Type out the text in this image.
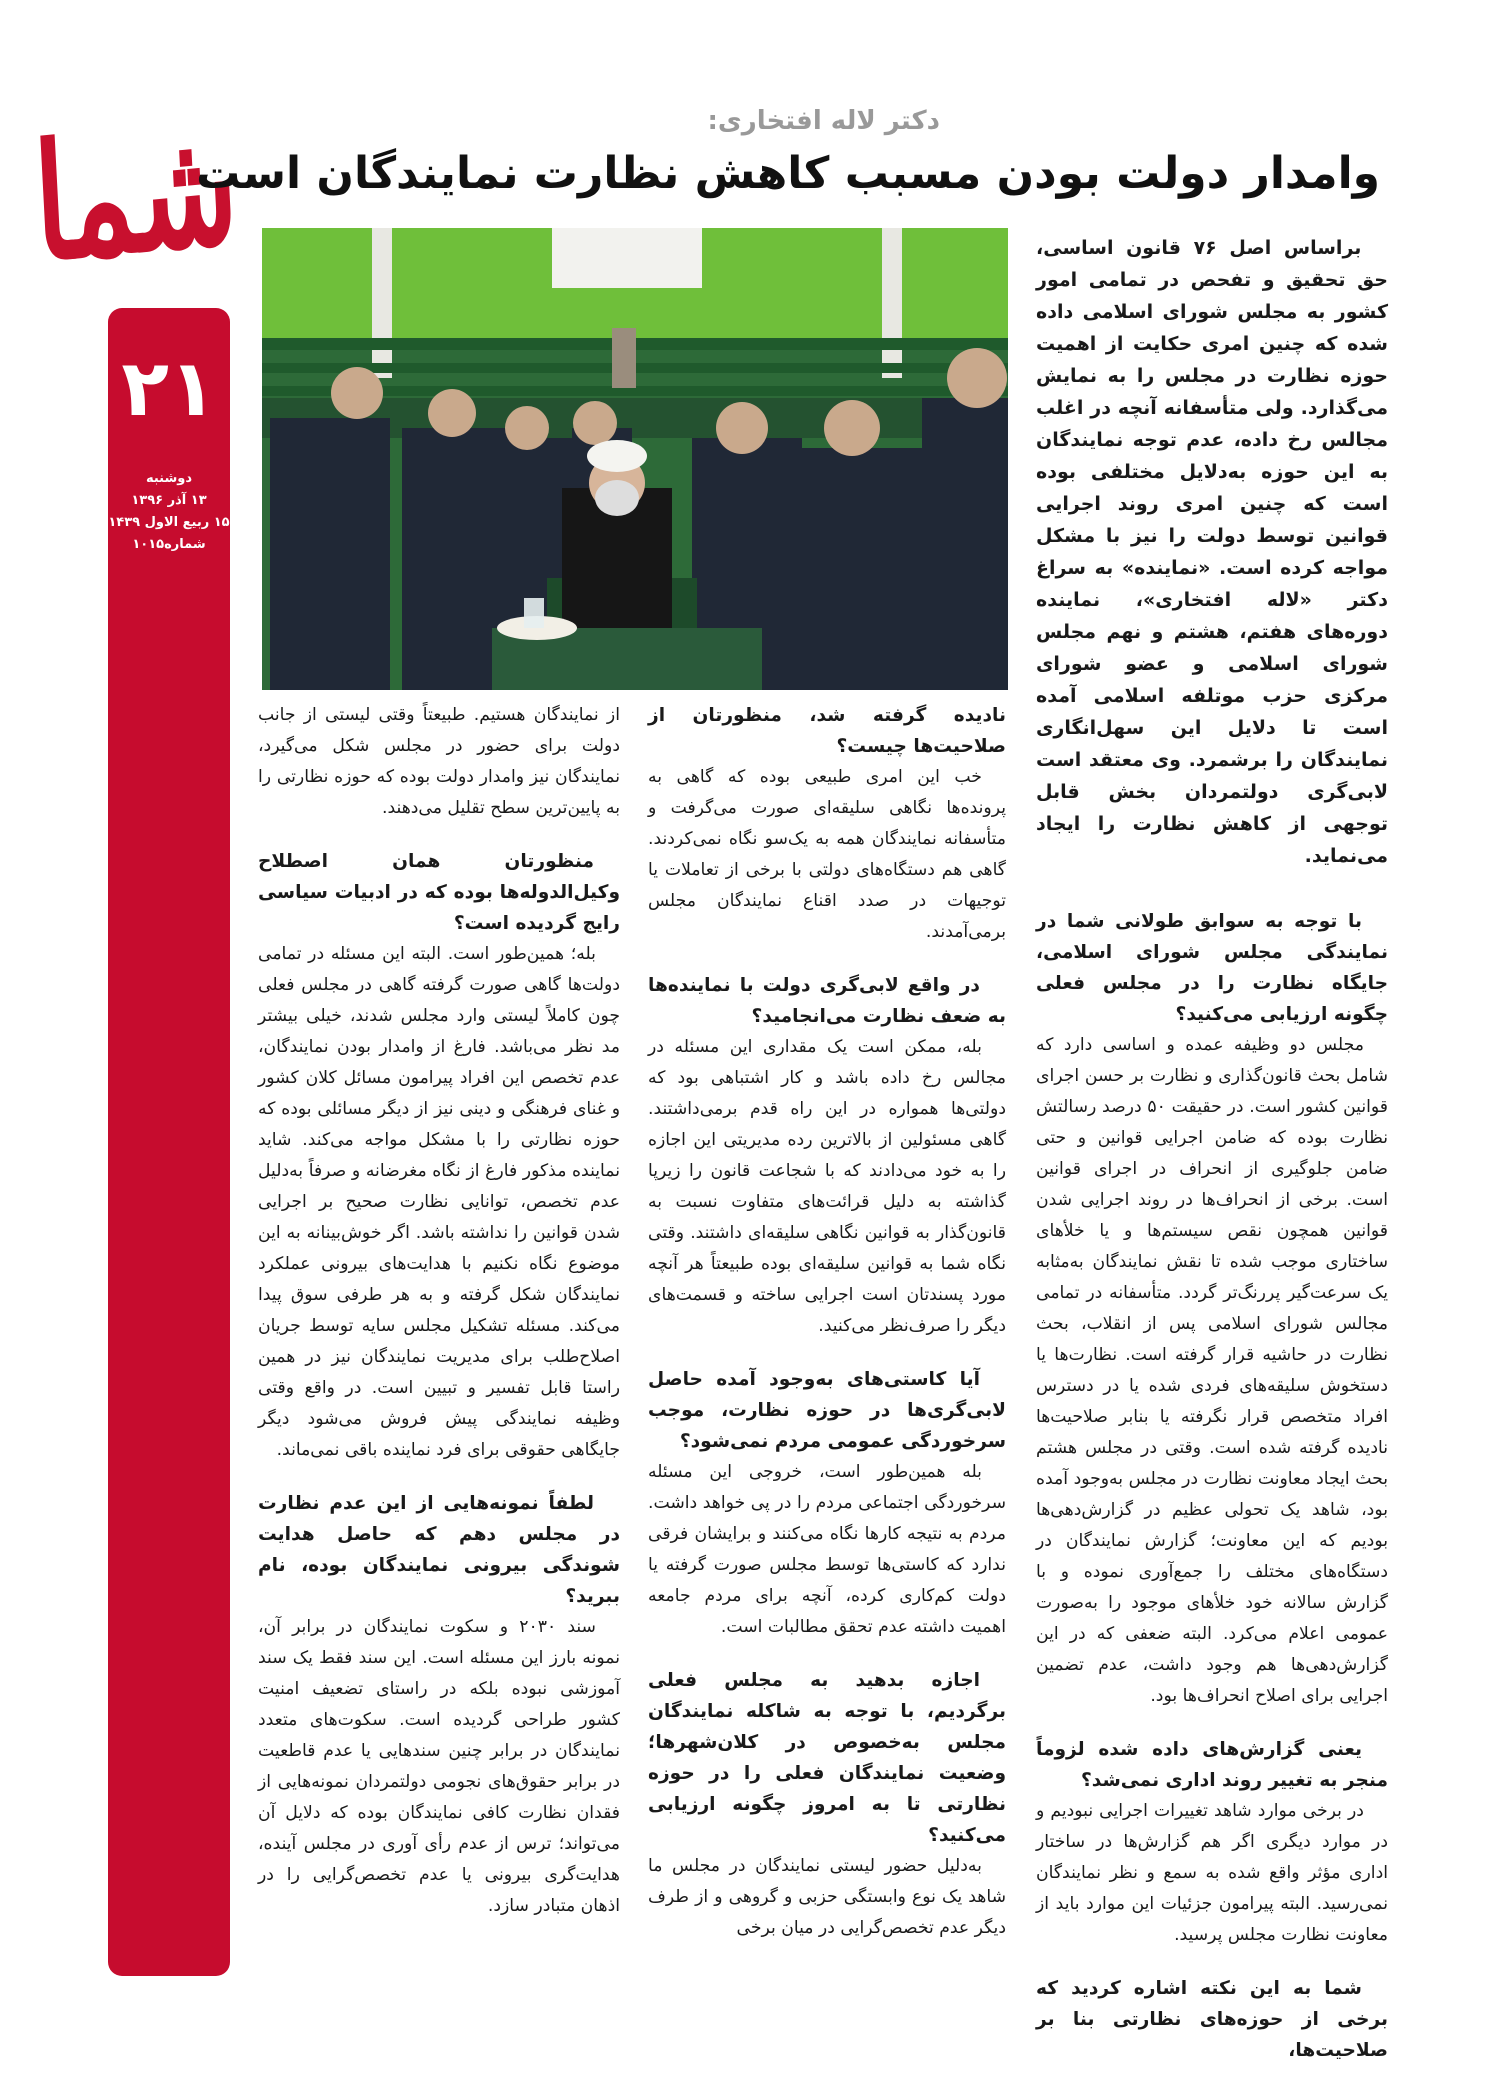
شما
۲۱
دوشنبه
۱۳ آذر ۱۳۹۶
۱۵ ربیع الاول ۱۴۳۹
شماره۱۰۱۵
دکتر لاله افتخاری:
وامدار دولت بودن مسبب کاهش نظارت نمایندگان است

براساس اصل ۷۶ قانون اساسی، حق تحقیق و تفحص در تمامی امور کشور به مجلس شورای اسلامی داده شده که چنین امری حکایت از اهمیت حوزه نظارت در مجلس را به نمایش می‌گذارد. ولی متأسفانه آنچه در اغلب مجالس رخ داده، عدم توجه نمایندگان به این حوزه به‌دلایل مختلفی بوده است که چنین امری روند اجرایی قوانین توسط دولت را نیز با مشکل مواجه کرده است. «نماینده» به سراغ دکتر «لاله افتخاری»، نماینده دوره‌های هفتم، هشتم و نهم مجلس شورای اسلامی و عضو شورای مرکزی حزب موتلفه اسلامی آمده است تا دلایل این سهل‌انگاری نمایندگان را برشمرد. وی معتقد است لابی‌گری دولتمردان بخش قابل توجهی از کاهش نظارت را ایجاد می‌نماید.

با توجه به سوابق طولانی شما در نمایندگی مجلس شورای اسلامی، جایگاه نظارت را در مجلس فعلی چگونه ارزیابی می‌کنید؟

مجلس دو وظیفه عمده و اساسی دارد که شامل بحث قانون‌گذاری و نظارت بر حسن اجرای قوانین کشور است. در حقیقت ۵۰ درصد رسالتش نظارت بوده که ضامن اجرایی قوانین و حتی ضامن جلوگیری از انحراف در اجرای قوانین است. برخی از انحراف‌ها در روند اجرایی شدن قوانین همچون نقص سیستم‌ها و یا خلأهای ساختاری موجب شده تا نقش نمایندگان به‌مثابه یک سرعت‌گیر پررنگ‌تر گردد. متأسفانه در تمامی مجالس شورای اسلامی پس از انقلاب، بحث نظارت در حاشیه قرار گرفته است. نظارت‌ها یا دستخوش سلیقه‌های فردی شده یا در دسترس افراد متخصص قرار نگرفته یا بنابر صلاحیت‌ها نادیده گرفته شده است. وقتی در مجلس هشتم بحث ایجاد معاونت نظارت در مجلس به‌وجود آمده بود، شاهد یک تحولی عظیم در گزارش‌دهی‌ها بودیم که این معاونت؛ گزارش نمایندگان در دستگاه‌های مختلف را جمع‌آوری نموده و با گزارش سالانه خود خلأهای موجود را به‌صورت عمومی اعلام می‌کرد. البته ضعفی که در این گزارش‌دهی‌ها هم وجود داشت، عدم تضمین اجرایی برای اصلاح انحراف‌ها بود.

یعنی گزارش‌های داده شده لزوماً منجر به تغییر روند اداری نمی‌شد؟

در برخی موارد شاهد تغییرات اجرایی نبودیم و در موارد دیگری اگر هم گزارش‌ها در ساختار اداری مؤثر واقع شده به سمع و نظر نمایندگان نمی‌رسید. البته پیرامون جزئیات این موارد باید از معاونت نظارت مجلس پرسید.

شما به این نکته اشاره کردید که برخی از حوزه‌های نظارتی بنا بر صلاحیت‌ها،

نادیده گرفته شد، منظورتان از صلاحیت‌ها چیست؟

خب این امری طبیعی بوده که گاهی به پرونده‌ها نگاهی سلیقه‌ای صورت می‌گرفت و متأسفانه نمایندگان همه به یک‌سو نگاه نمی‌کردند. گاهی هم دستگاه‌های دولتی با برخی از تعاملات یا توجیهات در صدد اقناع نمایندگان مجلس برمی‌آمدند.

در واقع لابی‌گری دولت با نماینده‌ها به ضعف نظارت می‌انجامید؟

بله، ممکن است یک مقداری این مسئله در مجالس رخ داده باشد و کار اشتباهی بود که دولتی‌ها همواره در این راه قدم برمی‌داشتند. گاهی مسئولین از بالاترین رده مدیریتی این اجازه را به خود می‌دادند که با شجاعت قانون را زیرپا گذاشته به دلیل قرائت‌های متفاوت نسبت به قانون‌گذار به قوانین نگاهی سلیقه‌ای داشتند. وقتی نگاه شما به قوانین سلیقه‌ای بوده طبیعتاً هر آنچه مورد پسندتان است اجرایی ساخته و قسمت‌های دیگر را صرف‌نظر می‌کنید.

آیا کاستی‌های به‌وجود آمده حاصل لابی‌گری‌ها در حوزه نظارت، موجب سرخوردگی عمومی مردم نمی‌شود؟

بله همین‌طور است، خروجی این مسئله سرخوردگی اجتماعی مردم را در پی خواهد داشت. مردم به نتیجه کارها نگاه می‌کنند و برایشان فرقی ندارد که کاستی‌ها توسط مجلس صورت گرفته یا دولت کم‌کاری کرده، آنچه برای مردم جامعه اهمیت داشته عدم تحقق مطالبات است.

اجازه بدهید به مجلس فعلی برگردیم، با توجه به شاکله نمایندگان مجلس به‌خصوص در کلان‌شهرها؛ وضعیت نمایندگان فعلی را در حوزه نظارتی تا به امروز چگونه ارزیابی می‌کنید؟

به‌دلیل حضور لیستی نمایندگان در مجلس ما شاهد یک نوع وابستگی حزبی و گروهی و از طرف دیگر عدم تخصص‌گرایی در میان برخی

از نمایندگان هستیم. طبیعتاً وقتی لیستی از جانب دولت برای حضور در مجلس شکل می‌گیرد، نمایندگان نیز وامدار دولت بوده که حوزه نظارتی را به پایین‌ترین سطح تقلیل می‌دهند.

منظورتان همان اصطلاح وکیل‌الدوله‌ها بوده که در ادبیات سیاسی رایج گردیده است؟

بله؛ همین‌طور است. البته این مسئله در تمامی دولت‌ها گاهی صورت گرفته گاهی در مجلس فعلی چون کاملاً لیستی وارد مجلس شدند، خیلی بیشتر مد نظر می‌باشد. فارغ از وامدار بودن نمایندگان، عدم تخصص این افراد پیرامون مسائل کلان کشور و غنای فرهنگی و دینی نیز از دیگر مسائلی بوده که حوزه نظارتی را با مشکل مواجه می‌کند. شاید نماینده مذکور فارغ از نگاه مغرضانه و صرفاً به‌دلیل عدم تخصص، توانایی نظارت صحیح بر اجرایی شدن قوانین را نداشته باشد. اگر خوش‌بینانه به این موضوع نگاه نکنیم با هدایت‌های بیرونی عملکرد نمایندگان شکل گرفته و به هر طرفی سوق پیدا می‌کند. مسئله تشکیل مجلس سایه توسط جریان اصلاح‌طلب برای مدیریت نمایندگان نیز در همین راستا قابل تفسیر و تبیین است. در واقع وقتی وظیفه نمایندگی پیش فروش می‌شود دیگر جایگاهی حقوقی برای فرد نماینده باقی نمی‌ماند.

لطفاً نمونه‌هایی از این عدم نظارت در مجلس دهم که حاصل هدایت شوندگی بیرونی نمایندگان بوده، نام ببرید؟

سند ۲۰۳۰ و سکوت نمایندگان در برابر آن، نمونه بارز این مسئله است. این سند فقط یک سند آموزشی نبوده بلکه در راستای تضعیف امنیت کشور طراحی گردیده است. سکوت‌های متعدد نمایندگان در برابر چنین سندهایی یا عدم قاطعیت در برابر حقوق‌های نجومی دولتمردان نمونه‌هایی از فقدان نظارت کافی نمایندگان بوده که دلایل آن می‌تواند؛ ترس از عدم رأی آوری در مجلس آینده، هدایت‌گری بیرونی یا عدم تخصص‌گرایی را در اذهان متبادر سازد.
